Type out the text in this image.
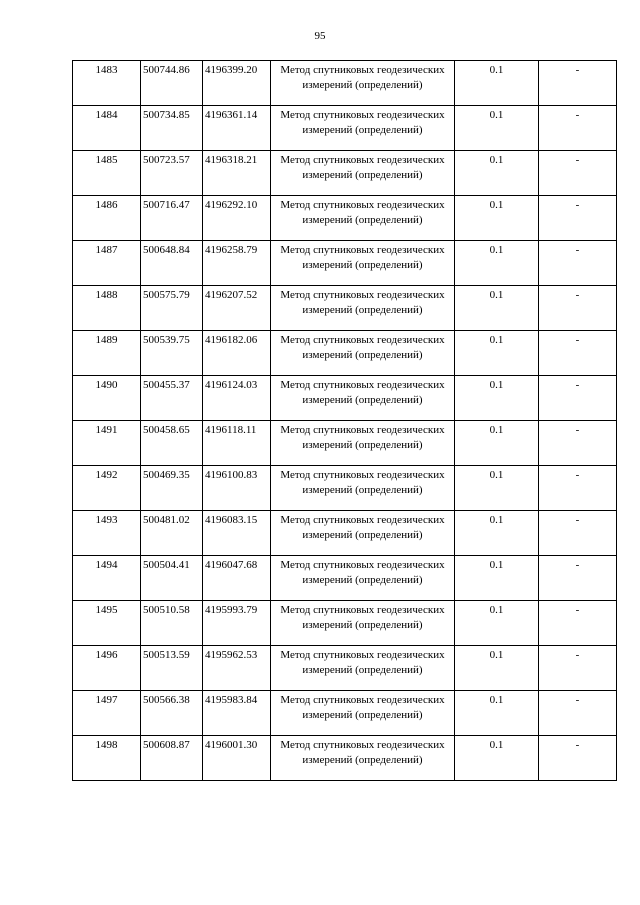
95
1483	500744.86	4196399.20	Метод спутниковых геодезических измерений (определений)	0.1	-
1484	500734.85	4196361.14	Метод спутниковых геодезических измерений (определений)	0.1	-
1485	500723.57	4196318.21	Метод спутниковых геодезических измерений (определений)	0.1	-
1486	500716.47	4196292.10	Метод спутниковых геодезических измерений (определений)	0.1	-
1487	500648.84	4196258.79	Метод спутниковых геодезических измерений (определений)	0.1	-
1488	500575.79	4196207.52	Метод спутниковых геодезических измерений (определений)	0.1	-
1489	500539.75	4196182.06	Метод спутниковых геодезических измерений (определений)	0.1	-
1490	500455.37	4196124.03	Метод спутниковых геодезических измерений (определений)	0.1	-
1491	500458.65	4196118.11	Метод спутниковых геодезических измерений (определений)	0.1	-
1492	500469.35	4196100.83	Метод спутниковых геодезических измерений (определений)	0.1	-
1493	500481.02	4196083.15	Метод спутниковых геодезических измерений (определений)	0.1	-
1494	500504.41	4196047.68	Метод спутниковых геодезических измерений (определений)	0.1	-
1495	500510.58	4195993.79	Метод спутниковых геодезических измерений (определений)	0.1	-
1496	500513.59	4195962.53	Метод спутниковых геодезических измерений (определений)	0.1	-
1497	500566.38	4195983.84	Метод спутниковых геодезических измерений (определений)	0.1	-
1498	500608.87	4196001.30	Метод спутниковых геодезических измерений (определений)	0.1	-
